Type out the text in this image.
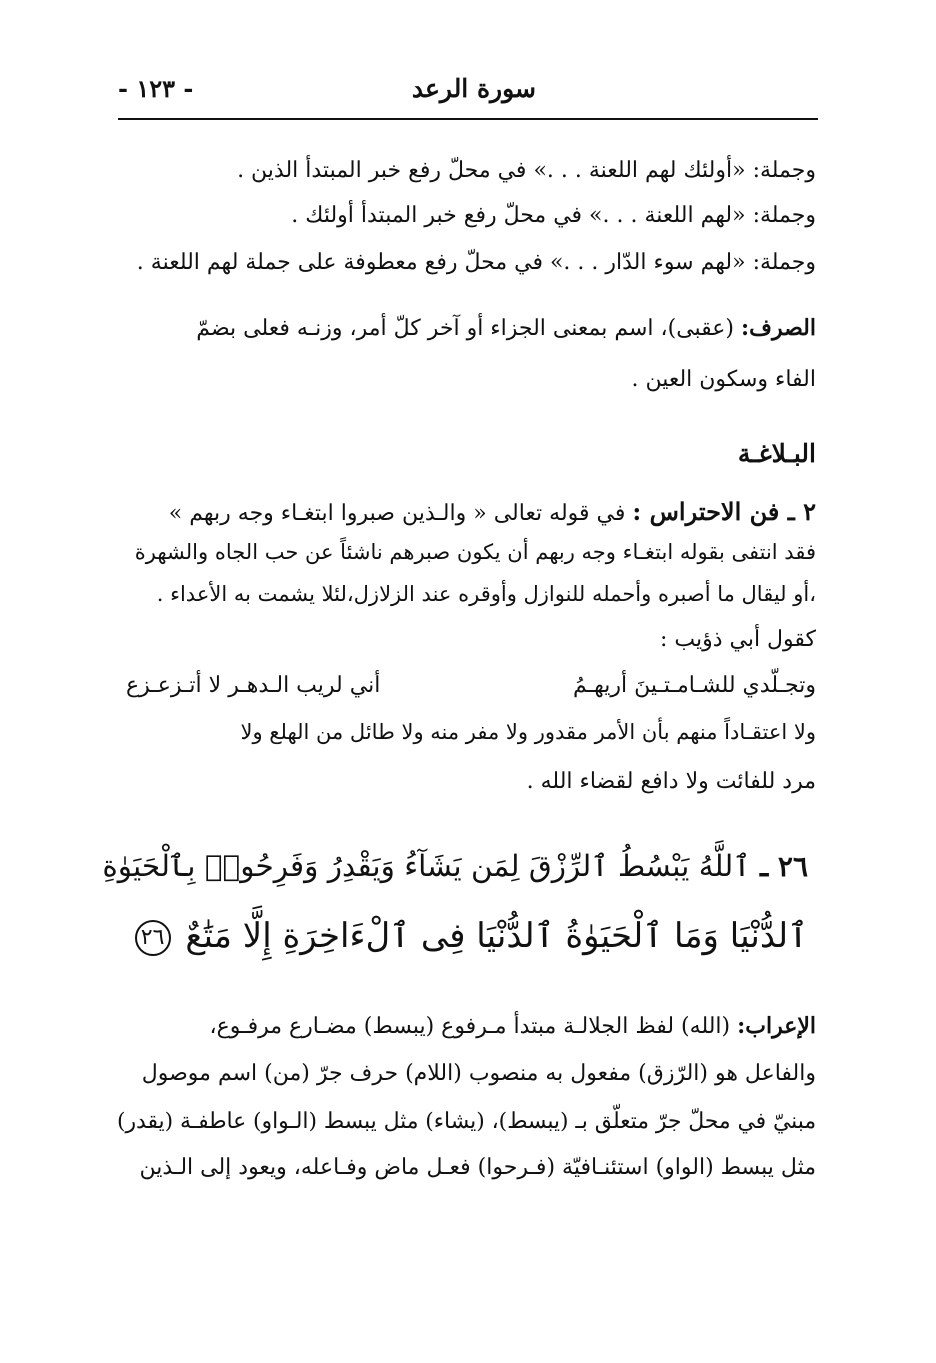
سورة الرعد
- ١٢٣ -
وجملة: «أولئك لهم اللعنة . . .» في محلّ رفع خبر المبتدأ الذين .
وجملة: «لهم اللعنة . . .» في محلّ رفع خبر المبتدأ أولئك .
وجملة: «لهم سوء الدّار . . .» في محلّ رفع معطوفة على جملة لهم اللعنة .
الصرف: (عقبى)، اسم بمعنى الجزاء أو آخر كلّ أمر، وزنـه فعلى بضمّ
الفاء وسكون العين .
البـلاغـة
٢ ـ فن الاحتراس : في قوله تعالى « والـذين صبروا ابتغـاء وجه ربهم »
فقد انتفى بقوله ابتغـاء وجه ربهم أن يكون صبرهم ناشئاً عن حب الجاه والشهرة
،أو ليقال ما أصبره وأحمله للنوازل وأوقره عند الزلازل،لئلا يشمت به الأعداء .
كقول أبي ذؤيب :
وتجـلّدي للشـامـتـينَ أريهـمُ
أني لريب الـدهـر لا أتـزعـزع
ولا اعتقـاداً منهم بأن الأمر مقدور ولا مفر منه ولا طائل من الهلع ولا
مرد للفائت ولا دافع لقضاء الله .
٢٦ ـ ٱللَّهُ يَبْسُطُ ٱلرِّزْقَ لِمَن يَشَآءُ وَيَقْدِرُ وَفَرِحُوا۟ بِٱلْحَيَوٰةِ
ٱلدُّنْيَا وَمَا ٱلْحَيَوٰةُ ٱلدُّنْيَا فِى ٱلْءَاخِرَةِ إِلَّا مَتَٰعٌ ٢٦
الإعراب: (الله) لفظ الجلالـة مبتدأ مـرفوع (يبسط) مضـارع مرفـوع،
والفاعل هو (الرّزق) مفعول به منصوب (اللام) حرف جرّ (من) اسم موصول
مبنيّ في محلّ جرّ متعلّق بـ (يبسط)، (يشاء) مثل يبسط (الـواو) عاطفـة (يقدر)
مثل يبسط (الواو) استئنـافيّة (فـرحوا) فعـل ماض وفـاعله، ويعود إلى الـذين
